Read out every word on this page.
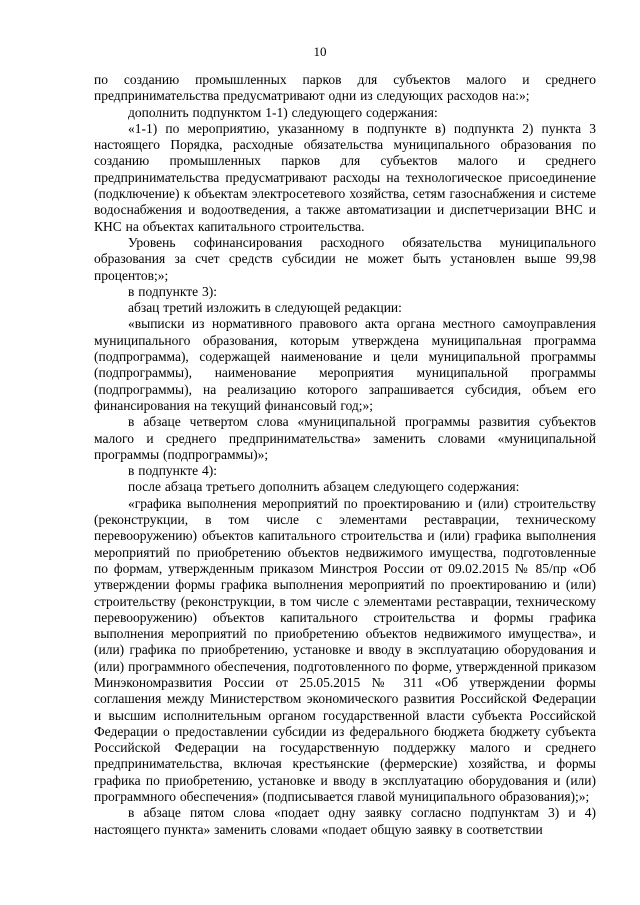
10

по созданию промышленных парков для субъектов малого и среднего предпринимательства предусматривают одни из следующих расходов на:»;

дополнить подпунктом 1-1) следующего содержания:

«1-1) по мероприятию, указанному в подпункте в) подпункта 2) пункта 3 настоящего Порядка, расходные обязательства муниципального образования по созданию промышленных парков для субъектов малого и среднего предпринимательства предусматривают расходы на технологическое присоединение (подключение) к объектам электросетевого хозяйства, сетям газоснабжения и системе водоснабжения и водоотведения, а также автоматизации и диспетчеризации ВНС и КНС на объектах капитального строительства.

Уровень софинансирования расходного обязательства муниципального образования за счет средств субсидии не может быть установлен выше 99,98 процентов;»;

в подпункте 3):

абзац третий изложить в следующей редакции:

«выписки из нормативного правового акта органа местного самоуправления муниципального образования, которым утверждена муниципальная программа (подпрограмма), содержащей наименование и цели муниципальной программы (подпрограммы), наименование мероприятия муниципальной программы (подпрограммы), на реализацию которого запрашивается субсидия, объем его финансирования на текущий финансовый год;»;

в абзаце четвертом слова «муниципальной программы развития субъектов малого и среднего предпринимательства» заменить словами «муниципальной программы (подпрограммы)»;

в подпункте 4):

после абзаца третьего дополнить абзацем следующего содержания:

«графика выполнения мероприятий по проектированию и (или) строительству (реконструкции, в том числе с элементами реставрации, техническому перевооружению) объектов капитального строительства и (или) графика выполнения мероприятий по приобретению объектов недвижимого имущества, подготовленные по формам, утвержденным приказом Минстроя России от 09.02.2015 № 85/пр «Об утверждении формы графика выполнения мероприятий по проектированию и (или) строительству (реконструкции, в том числе с элементами реставрации, техническому перевооружению) объектов капитального строительства и формы графика выполнения мероприятий по приобретению объектов недвижимого имущества», и (или) графика по приобретению, установке и вводу в эксплуатацию оборудования и (или) программного обеспечения, подготовленного по форме, утвержденной приказом Минэкономразвития России от 25.05.2015 № 311 «Об утверждении формы соглашения между Министерством экономического развития Российской Федерации и высшим исполнительным органом государственной власти субъекта Российской Федерации о предоставлении субсидии из федерального бюджета бюджету субъекта Российской Федерации на государственную поддержку малого и среднего предпринимательства, включая крестьянские (фермерские) хозяйства, и формы графика по приобретению, установке и вводу в эксплуатацию оборудования и (или) программного обеспечения» (подписывается главой муниципального образования);»;

в абзаце пятом слова «подает одну заявку согласно подпунктам 3) и 4) настоящего пункта» заменить словами «подает общую заявку в соответствии
